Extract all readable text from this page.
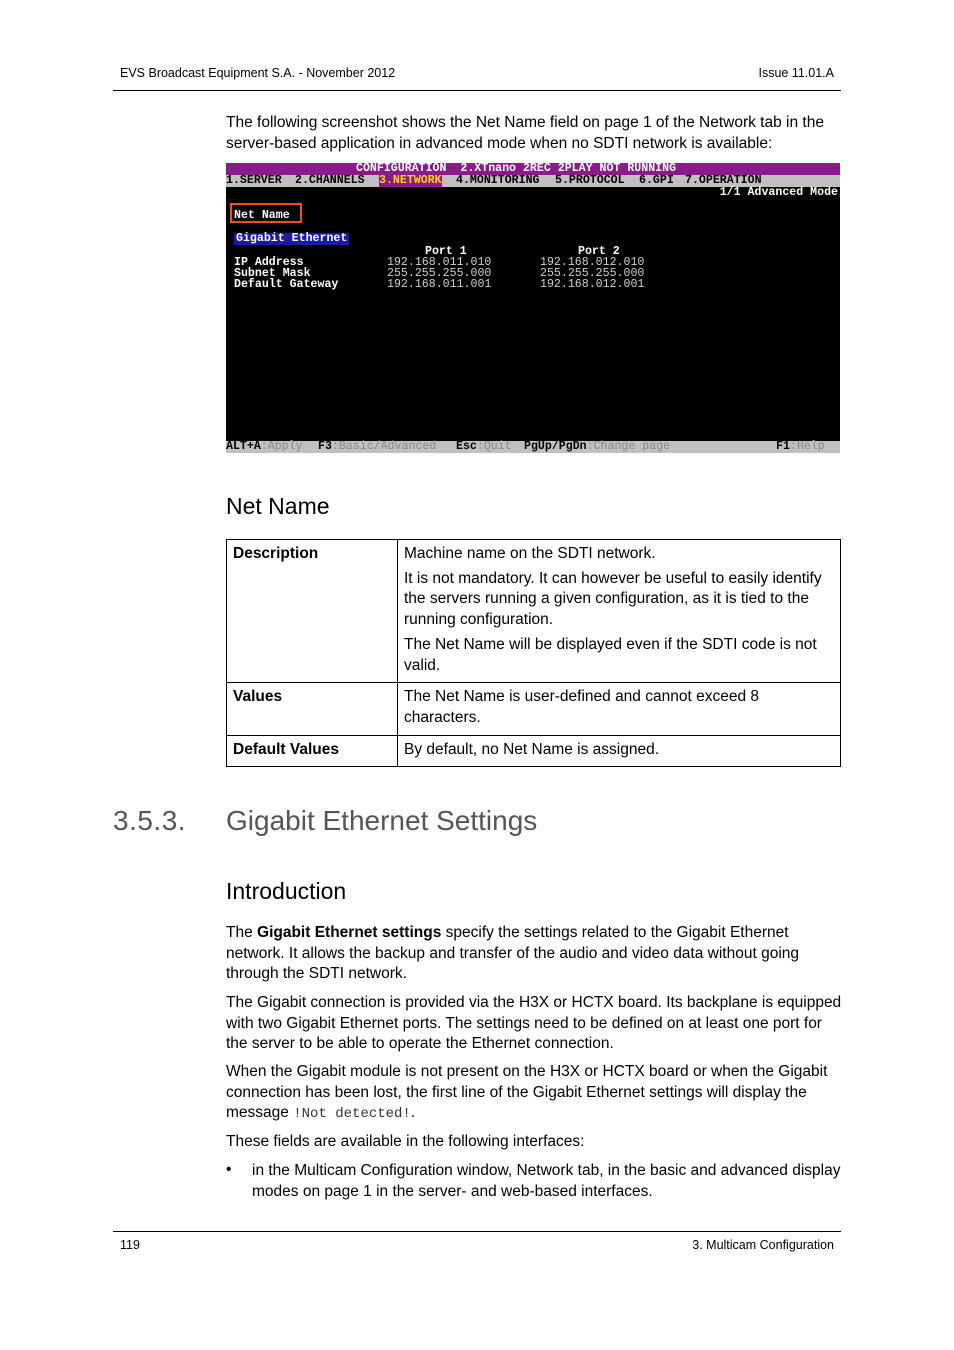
EVS Broadcast Equipment S.A. - November 2012	Issue 11.01.A

The following screenshot shows the Net Name field on page 1 of the Network tab in the server-based application in advanced mode when no SDTI network is available:

CONFIGURATION  2.XTnano 2REC 2PLAY NOT RUNNING

1.SERVER

2.CHANNELS

3.NETWORK

4.MONITORING

5.PROTOCOL

6.GPI

7.OPERATION

1/1 Advanced Mode
Net Name
Gigabit Ethernet
Port 1	Port 2
IP Address	192.168.011.010	192.168.012.010
Subnet Mask	255.255.255.000	255.255.255.000
Default Gateway	192.168.011.001	192.168.012.001

ALT+A:Apply

F3:Basic/Advanced

Esc:Quit

PgUp/PgDn:Change page

	F1:Help

Net Name
Description	Machine name on the SDTI network.

It is not mandatory. It can however be useful to easily identify the servers running a given configuration, as it is tied to the running configuration.

The Net Name will be displayed even if the SDTI code is not valid.

Values	The Net Name is user-defined and cannot exceed 8 characters.
Default Values	By default, no Net Name is assigned.
3.5.3. Gigabit Ethernet Settings
Introduction

The Gigabit Ethernet settings specify the settings related to the Gigabit Ethernet network. It allows the backup and transfer of the audio and video data without going through the SDTI network.

The Gigabit connection is provided via the H3X or HCTX board. Its backplane is equipped with two Gigabit Ethernet ports. The settings need to be defined on at least one port for the server to be able to operate the Ethernet connection.

When the Gigabit module is not present on the H3X or HCTX board or when the Gigabit connection has been lost, the first line of the Gigabit Ethernet settings will display the message !Not detected!.

These fields are available in the following interfaces:

• in the Multicam Configuration window, Network tab, in the basic and advanced display modes on page 1 in the server- and web-based interfaces.

119	3. Multicam Configuration
